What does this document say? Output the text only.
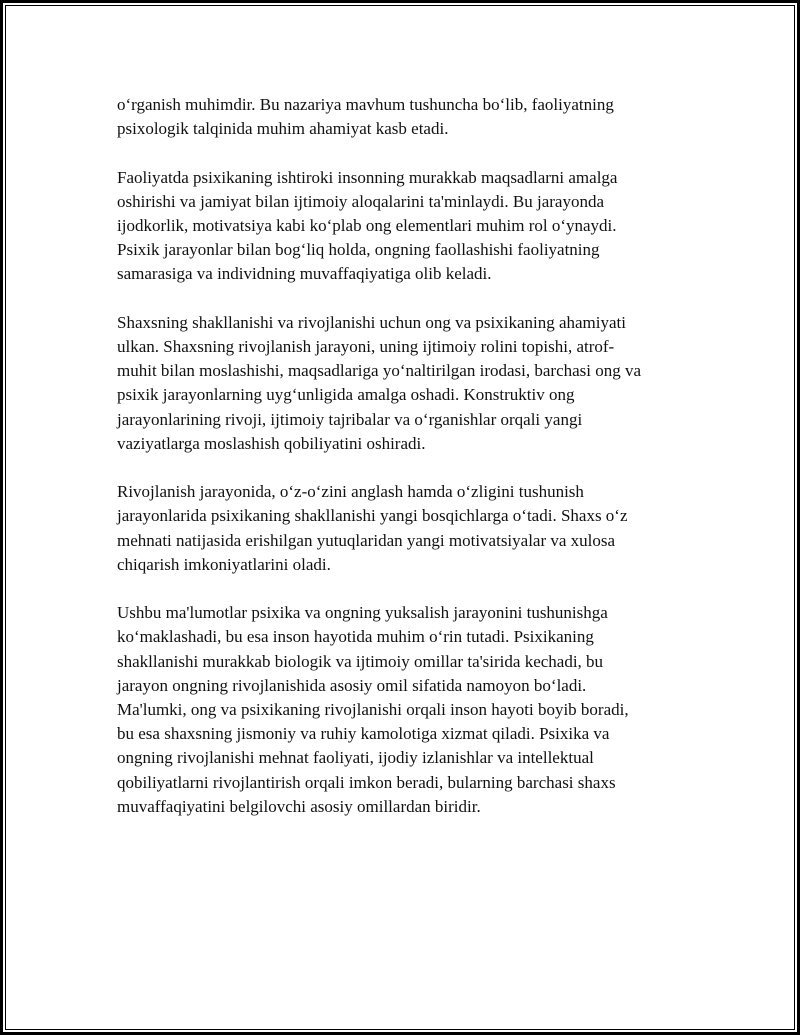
o‘rganish muhimdir. Bu nazariya mavhum tushuncha bo‘lib, faoliyatning
psixologik talqinida muhim ahamiyat kasb etadi.

Faoliyatda psixikaning ishtiroki insonning murakkab maqsadlarni amalga
oshirishi va jamiyat bilan ijtimoiy aloqalarini ta'minlaydi. Bu jarayonda
ijodkorlik, motivatsiya kabi ko‘plab ong elementlari muhim rol o‘ynaydi.
Psixik jarayonlar bilan bog‘liq holda, ongning faollashishi faoliyatning
samarasiga va individning muvaffaqiyatiga olib keladi.

Shaxsning shakllanishi va rivojlanishi uchun ong va psixikaning ahamiyati
ulkan. Shaxsning rivojlanish jarayoni, uning ijtimoiy rolini topishi, atrof-
muhit bilan moslashishi, maqsadlariga yo‘naltirilgan irodasi, barchasi ong va
psixik jarayonlarning uyg‘unligida amalga oshadi. Konstruktiv ong
jarayonlarining rivoji, ijtimoiy tajribalar va o‘rganishlar orqali yangi
vaziyatlarga moslashish qobiliyatini oshiradi.

Rivojlanish jarayonida, o‘z-o‘zini anglash hamda o‘zligini tushunish
jarayonlarida psixikaning shakllanishi yangi bosqichlarga o‘tadi. Shaxs o‘z
mehnati natijasida erishilgan yutuqlaridan yangi motivatsiyalar va xulosa
chiqarish imkoniyatlarini oladi.

Ushbu ma'lumotlar psixika va ongning yuksalish jarayonini tushunishga
ko‘maklashadi, bu esa inson hayotida muhim o‘rin tutadi. Psixikaning
shakllanishi murakkab biologik va ijtimoiy omillar ta'sirida kechadi, bu
jarayon ongning rivojlanishida asosiy omil sifatida namoyon bo‘ladi.
Ma'lumki, ong va psixikaning rivojlanishi orqali inson hayoti boyib boradi,
bu esa shaxsning jismoniy va ruhiy kamolotiga xizmat qiladi. Psixika va
ongning rivojlanishi mehnat faoliyati, ijodiy izlanishlar va intellektual
qobiliyatlarni rivojlantirish orqali imkon beradi, bularning barchasi shaxs
muvaffaqiyatini belgilovchi asosiy omillardan biridir.
